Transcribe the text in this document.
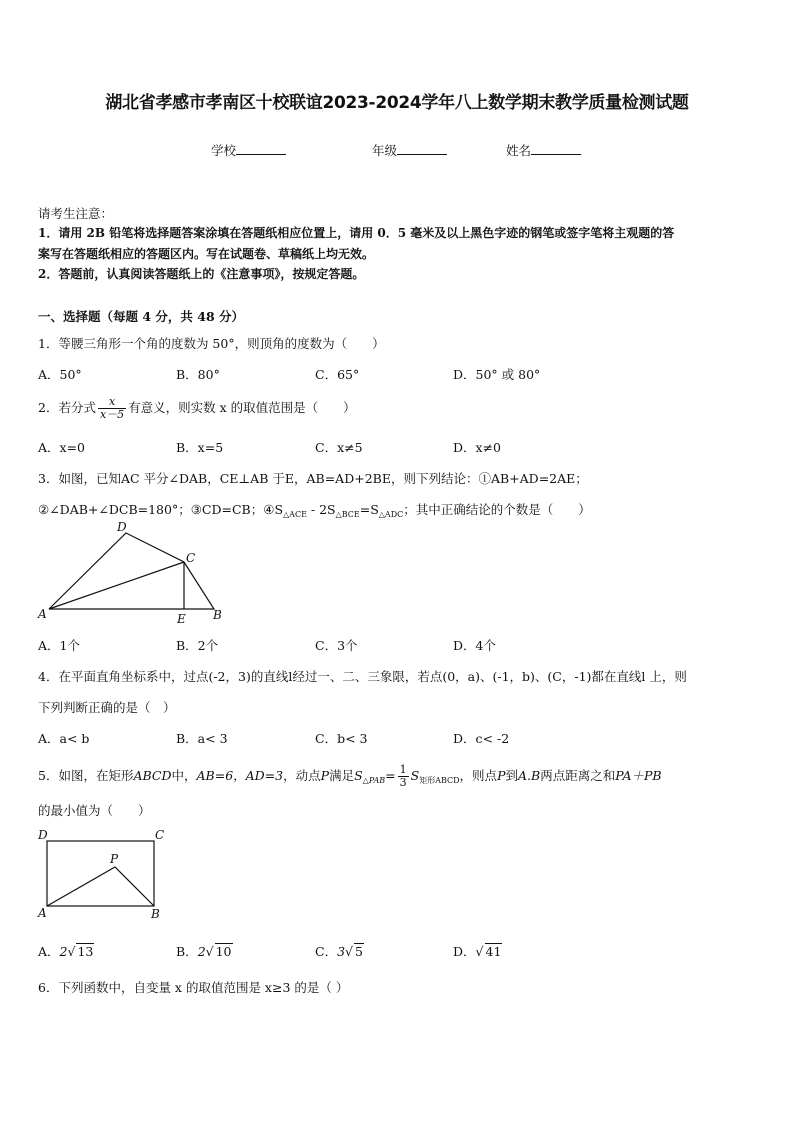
湖北省孝感市孝南区十校联谊2023-2024学年八上数学期末教学质量检测试题
学校	年级	姓名
请考生注意：
1．请用 2B 铅笔将选择题答案涂填在答题纸相应位置上，请用 0．5 毫米及以上黑色字迹的钢笔或签字笔将主观题的答
案写在答题纸相应的答题区内。写在试题卷、草稿纸上均无效。
2．答题前，认真阅读答题纸上的《注意事项》，按规定答题。
一、选择题（每题 4 分，共 48 分）
1．等腰三角形一个角的度数为 50°，则顶角的度数为（　　）
A．50°	B．80°	C．65°	D．50° 或 80°
2．若分式 $\frac{x}{x-5}$ 有意义，则实数 x 的取值范围是（　　）
A．x=0	B．x=5	C．x≠5	D．x≠0
3．如图，已知AC 平分∠DAB，CE⊥AB 于E，AB=AD+2BE，则下列结论：①AB+AD=2AE；
②∠DAB+∠DCB=180°；③CD=CB；$④S_{\triangle ACE} - 2S_{\triangle BCE}=S_{\triangle ADC}$；其中正确结论的个数是（　　）
A
D
C
E B
A．1个	B．2个	C．3个	D．4个
4．在平面直角坐标系中，过点(-2，3)的直线l经过一、二、三象限，若点(0，a)、(-1，b)、(C，-1)都在直线l 上，则
下列判断正确的是（　）
A．a< b	B．a< 3	C．b< 3	D．c< -2
5．如图，在矩形ABCD中，AB=6，AD=3，动点P满足$S_{\triangle PAB}= \frac{1}{3} S_{矩形ABCD}$，则点P到A.B两点距离之和PA＋PB
的最小值为（　　）
D	C
P
A	B
A．2√ 13	B．2√ 10	C．3√ 5	D．√ 41
6．下列函数中，自变量 x 的取值范围是 x≥3 的是（ ）
